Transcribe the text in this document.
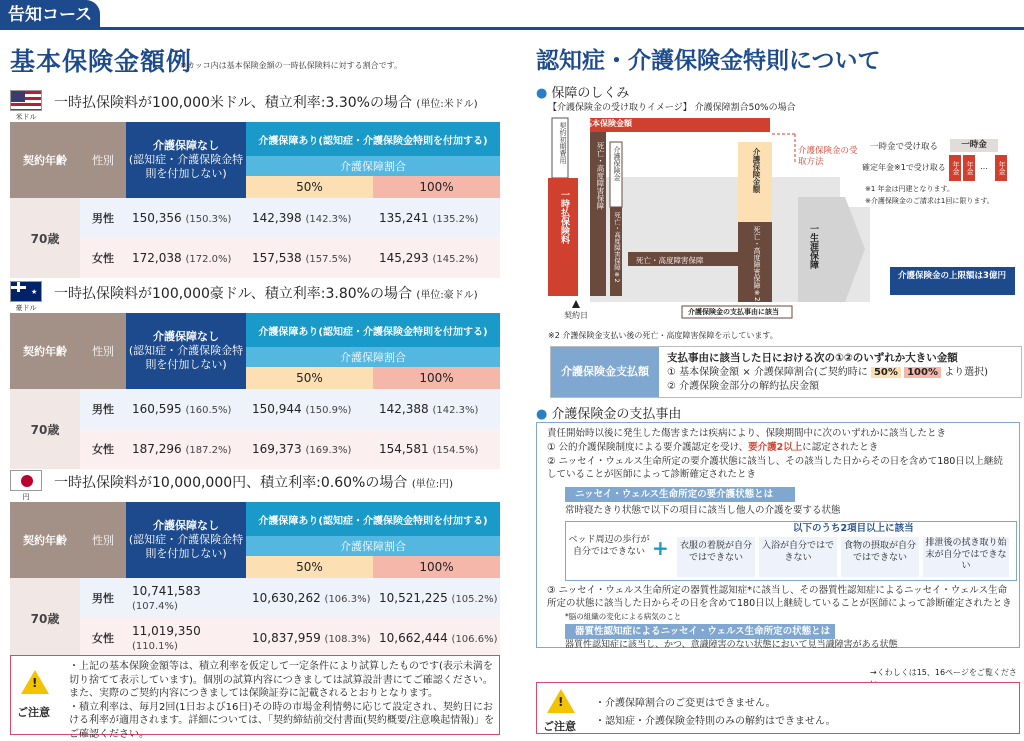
告知コース
基本保険金額例
※カッコ内は基本保険金額の一時払保険料に対する割合です。
米ドル
一時払保険料が100,000米ドル、積立利率:3.30%の場合 (単位:米ドル)
契約年齢	性別	介護保障なし
(認知症・介護保険金特則を付加しない)	介護保障あり(認知症・介護保険金特則を付加する)	
			介護保障割合	
			50%	100%
70歳	男性	150,356 (150.3%)	142,398 (142.3%)	135,241 (135.2%)
	女性	172,038 (172.0%)	157,538 (157.5%)	145,293 (145.2%)
★
豪ドル
一時払保険料が100,000豪ドル、積立利率:3.80%の場合 (単位:豪ドル)
契約年齢	性別	介護保障なし
(認知症・介護保険金特則を付加しない)	介護保障あり(認知症・介護保険金特則を付加する)	
			介護保障割合	
			50%	100%
70歳	男性	160,595 (160.5%)	150,944 (150.9%)	142,388 (142.3%)
	女性	187,296 (187.2%)	169,373 (169.3%)	154,581 (154.5%)
円
一時払保険料が10,000,000円、積立利率:0.60%の場合 (単位:円)
契約年齢	性別	介護保障なし
(認知症・介護保険金特則を付加しない)	介護保障あり(認知症・介護保険金特則を付加する)	
			介護保障割合	
			50%	100%
70歳	男性	10,741,583 (107.4%)	10,630,262 (106.3%)	10,521,225 (105.2%)
	女性	11,019,350 (110.1%)	10,837,959 (108.3%)	10,662,444 (106.6%)
!
ご注意
・上記の基本保険金額等は、積立利率を仮定して一定条件により試算したものです(表示未満を切り捨てて表示しています)。個別の試算内容につきましては試算設計書にてご確認ください。また、実際のご契約内容につきましては保険証券に記載されるとおりとなります。
・積立利率は、毎月2回(1日および16日)その時の市場金利情勢に応じて設定され、契約日における利率が適用されます。詳細については、「契約締結前交付書面(契約概要/注意喚起情報)」をご確認ください。
認知症・介護保険金特則について
● 保障のしくみ
【介護保険金の受け取りイメージ】 介護保障割合50%の場合
契約初期費用 基本保険金額
一時払保険料
死亡・高度障害保障	介護保険金
死亡・高度障害保障※2 死亡・高度障害保障
介護保険金額
死亡・高度障害保障※2	一生涯保障
介護保険金の支払事由に該当
契約日
介護保険金の受取方法
一時金で受け取る	一時金
確定年金※1で受け取る 年金 年金 …	年金
※1 年金は円建となります。
※介護保険金のご請求は1回に限ります。
介護保険金の上限額は3億円
※2 介護保険金支払い後の死亡・高度障害保障を示しています。
介護保険金支払額
支払事由に該当した日における次の①②のいずれか大きい金額
① 基本保険金額 × 介護保障割合(ご契約時に 50% 100% より選択)
② 介護保険金部分の解約払戻金額
● 介護保険金の支払事由
責任開始時以後に発生した傷害または疾病により、保険期間中に次のいずれかに該当したとき
① 公的介護保険制度による要介護認定を受け、要介護2以上に認定されたとき
② ニッセイ・ウェルス生命所定の要介護状態に該当し、その該当した日からその日を含めて180日以上継続していることが医師によって診断確定されたとき
ニッセイ・ウェルス生命所定の要介護状態とは
常時寝たきり状態で以下の項目に該当し他人の介護を要する状態
以下のうち2項目以上に該当
ベッド周辺の歩行が自分ではできない +	衣服の着脱が自分ではできない
入浴が自分ではできない
食物の摂取が自分ではできない
排泄後の拭き取り始末が自分ではできない
③ ニッセイ・ウェルス生命所定の器質性認知症*に該当し、その器質性認知症によるニッセイ・ウェルス生命所定の状態に該当した日からその日を含めて180日以上継続していることが医師によって診断確定されたとき
*脳の組織の変化による病気のこと
器質性認知症によるニッセイ・ウェルス生命所定の状態とは
器質性認知症に該当し、かつ、意識障害のない状態において見当識障害がある状態
→くわしくは15、16ページをご覧くださ
!
ご注意
・介護保障割合のご変更はできません。
・認知症・介護保険金特則のみの解約はできません。
